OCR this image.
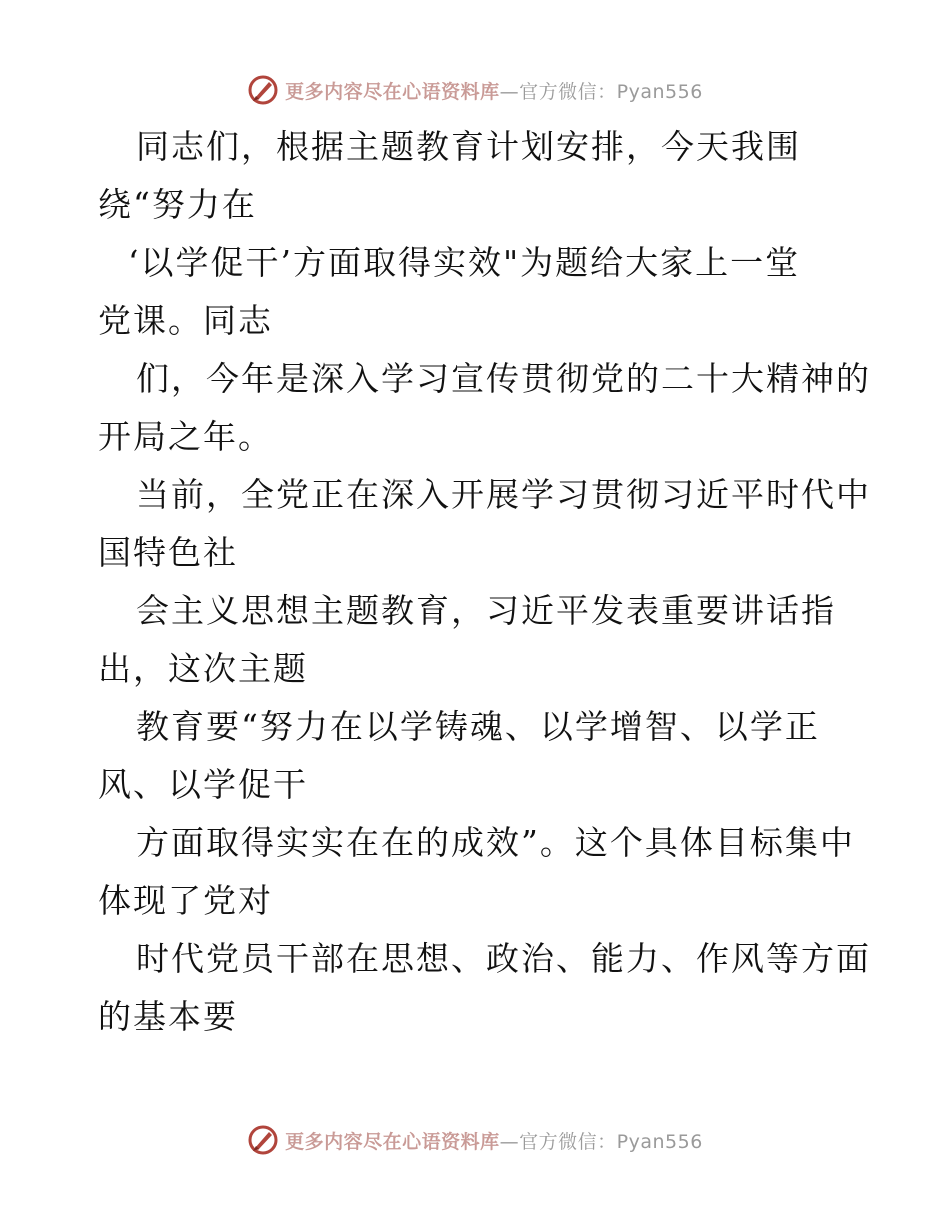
更多内容尽在心语资料库 —官方微信：Pyan556
同志们，根据主题教育计划安排，今天我围
绕“努力在
‘以学促干’方面取得实效"为题给大家上一堂
党课。同志
们，今年是深入学习宣传贯彻党的二十大精神的
开局之年。
当前，全党正在深入开展学习贯彻习近平时代中
国特色社
会主义思想主题教育，习近平发表重要讲话指
出，这次主题
教育要“努力在以学铸魂、以学增智、以学正
风、以学促干
方面取得实实在在的成效”。这个具体目标集中
体现了党对
时代党员干部在思想、政治、能力、作风等方面
的基本要
更多内容尽在心语资料库 —官方微信：Pyan556
